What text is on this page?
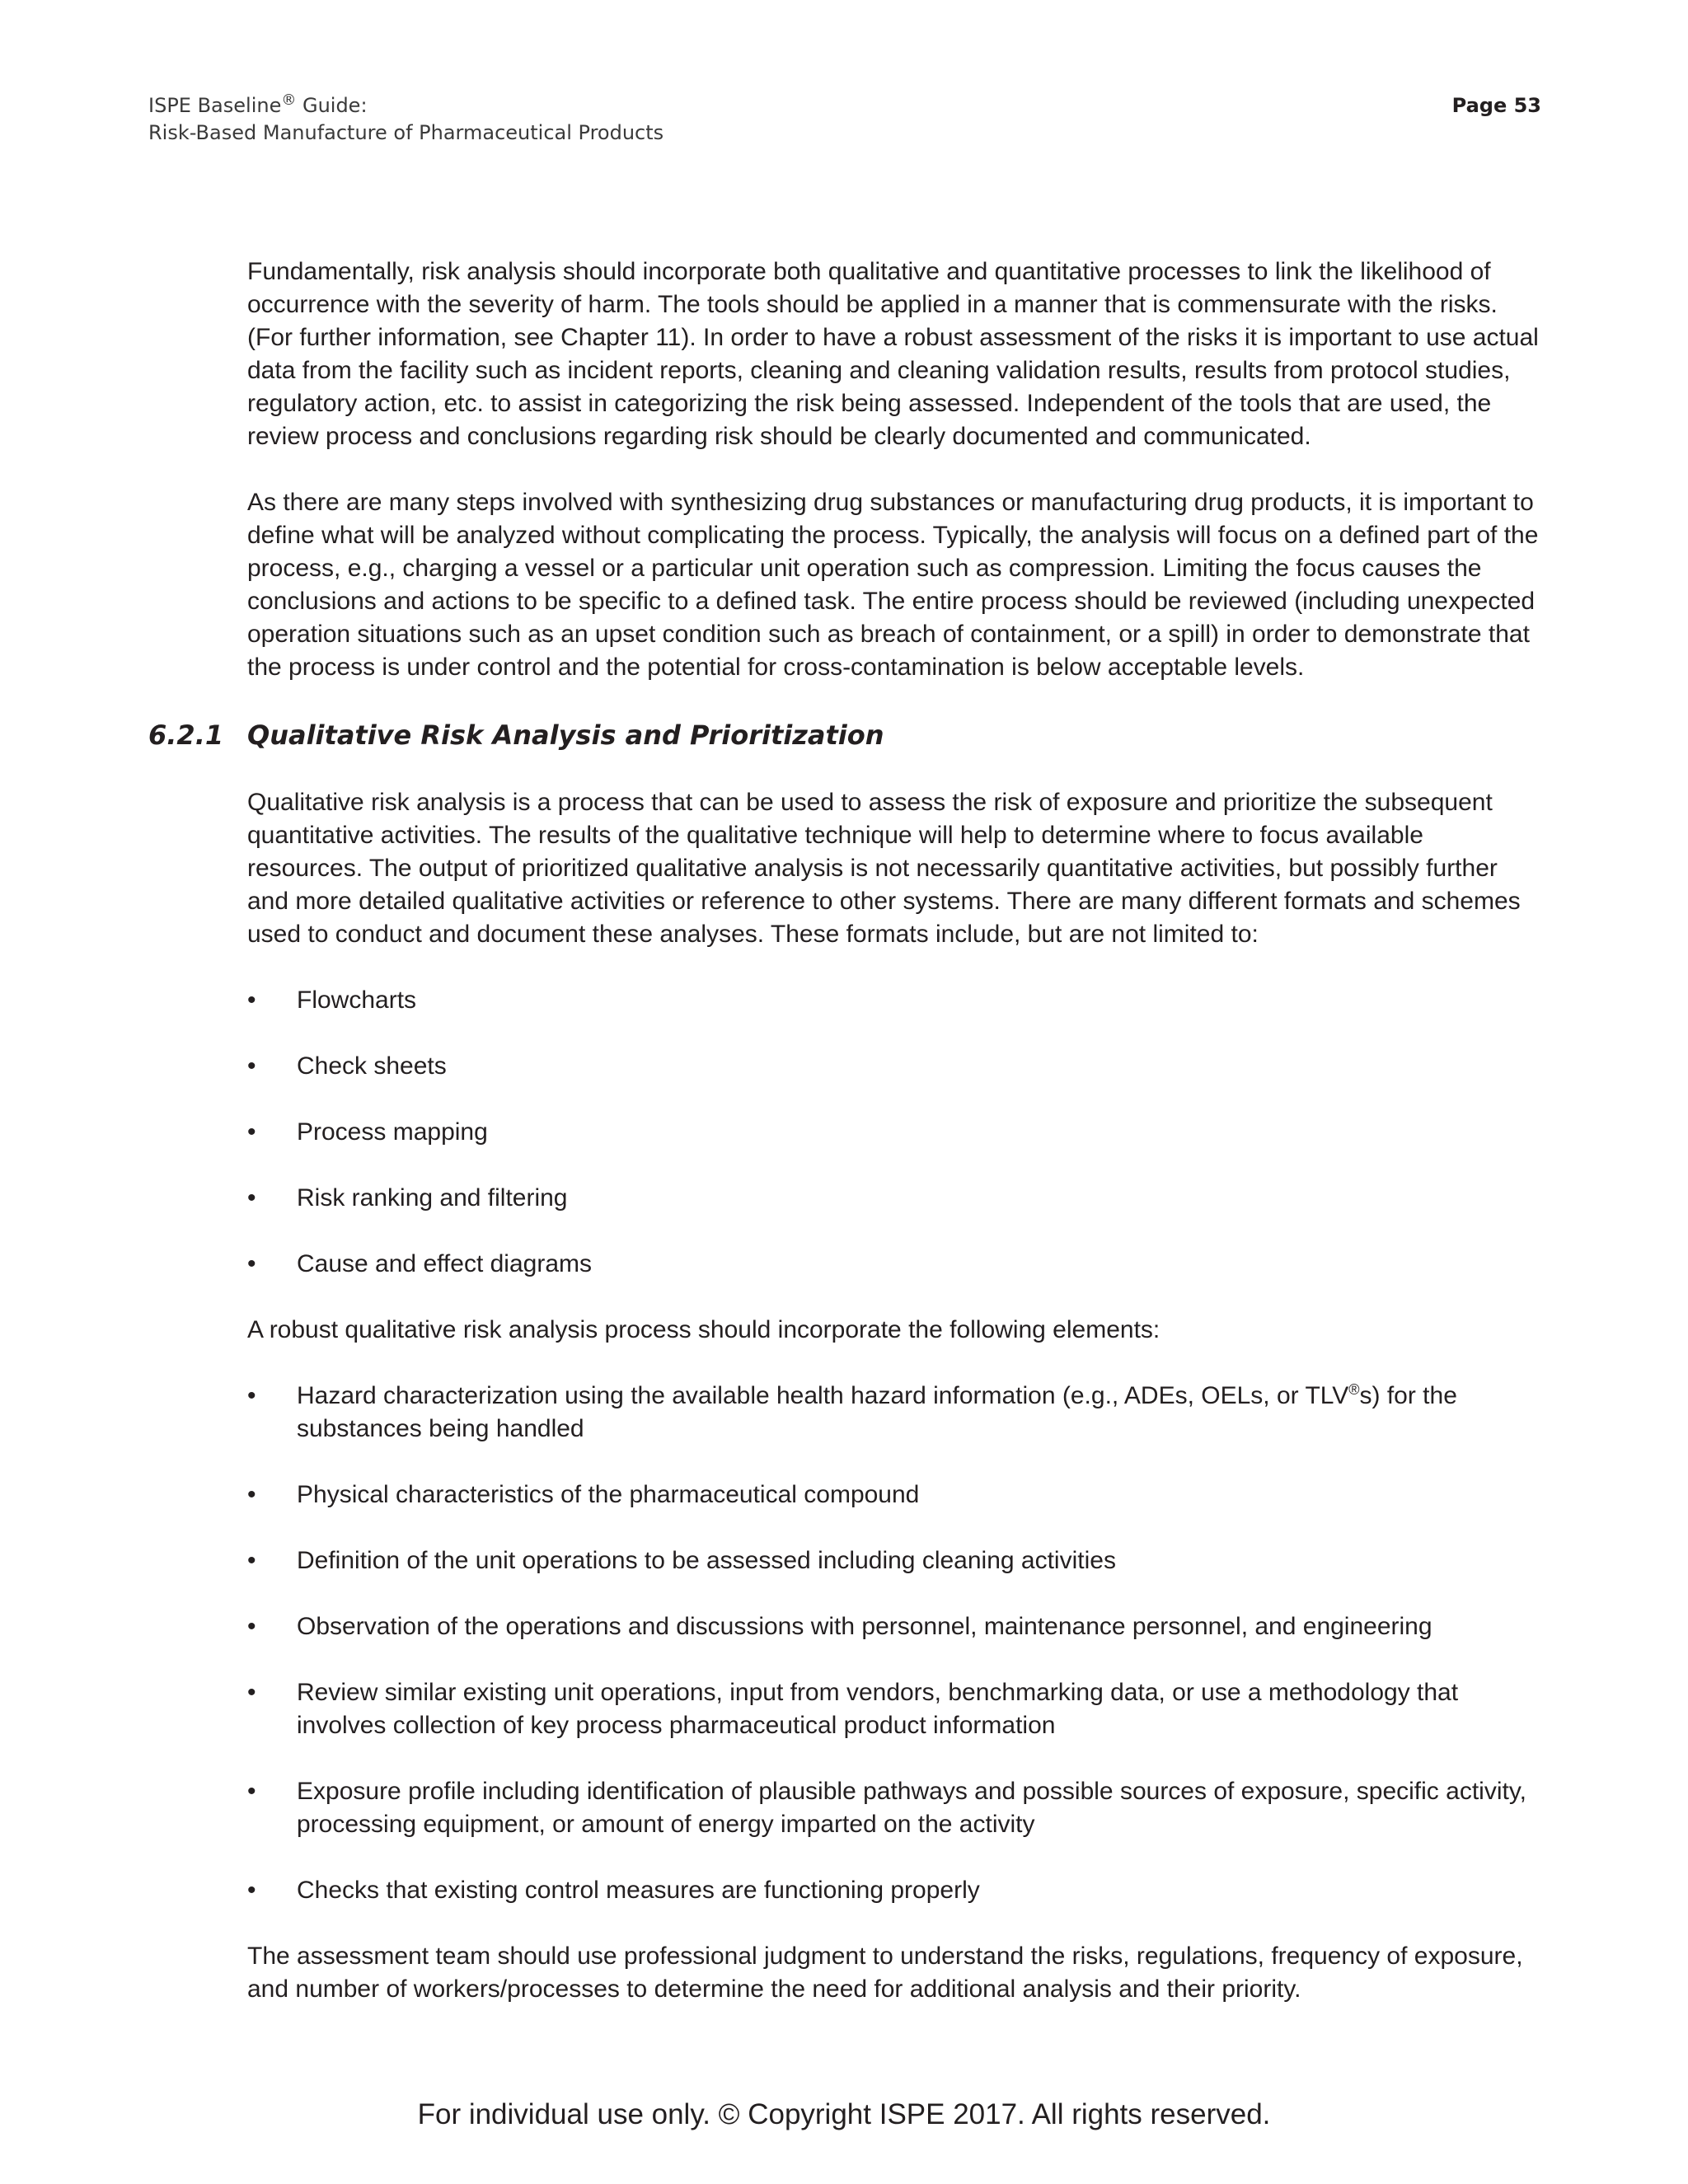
ISPE Baseline® Guide:
Risk-Based Manufacture of Pharmaceutical Products
Page 53

Fundamentally, risk analysis should incorporate both qualitative and quantitative processes to link the likelihood of occurrence with the severity of harm. The tools should be applied in a manner that is commensurate with the risks. (For further information, see Chapter 11). In order to have a robust assessment of the risks it is important to use actual data from the facility such as incident reports, cleaning and cleaning validation results, results from protocol studies, regulatory action, etc. to assist in categorizing the risk being assessed. Independent of the tools that are used, the review process and conclusions regarding risk should be clearly documented and communicated.

As there are many steps involved with synthesizing drug substances or manufacturing drug products, it is important to define what will be analyzed without complicating the process. Typically, the analysis will focus on a defined part of the process, e.g., charging a vessel or a particular unit operation such as compression. Limiting the focus causes the conclusions and actions to be specific to a defined task. The entire process should be reviewed (including unexpected operation situations such as an upset condition such as breach of containment, or a spill) in order to demonstrate that the process is under control and the potential for cross-contamination is below acceptable levels.

6.2.1 Qualitative Risk Analysis and Prioritization

Qualitative risk analysis is a process that can be used to assess the risk of exposure and prioritize the subsequent quantitative activities. The results of the qualitative technique will help to determine where to focus available resources. The output of prioritized qualitative analysis is not necessarily quantitative activities, but possibly further and more detailed qualitative activities or reference to other systems. There are many different formats and schemes used to conduct and document these analyses. These formats include, but are not limited to:

• Flowcharts
• Check sheets
• Process mapping
• Risk ranking and filtering
• Cause and effect diagrams

A robust qualitative risk analysis process should incorporate the following elements:

• Hazard characterization using the available health hazard information (e.g., ADEs, OELs, or TLV®s) for the substances being handled
• Physical characteristics of the pharmaceutical compound
• Definition of the unit operations to be assessed including cleaning activities
• Observation of the operations and discussions with personnel, maintenance personnel, and engineering
• Review similar existing unit operations, input from vendors, benchmarking data, or use a methodology that involves collection of key process pharmaceutical product information
• Exposure profile including identification of plausible pathways and possible sources of exposure, specific activity, processing equipment, or amount of energy imparted on the activity
• Checks that existing control measures are functioning properly

The assessment team should use professional judgment to understand the risks, regulations, frequency of exposure, and number of workers/processes to determine the need for additional analysis and their priority.

For individual use only. © Copyright ISPE 2017. All rights reserved.
